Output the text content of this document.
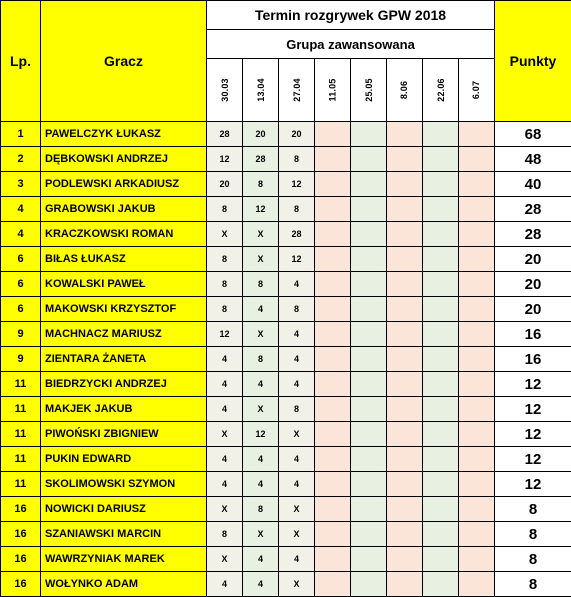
Lp.	Gracz	Termin rozgrywek GPW 2018								Punkty
		Grupa zawansowana								

		30.03	13.04	27.04	11.05	25.05	8.06	22.06	6.07	

1	PAWELCZYK ŁUKASZ	28	20	20						68
2	DĘBKOWSKI ANDRZEJ	12	28	8						48
3	PODLEWSKI ARKADIUSZ	20	8	12						40
4	GRABOWSKI JAKUB	8	12	8						28
4	KRACZKOWSKI ROMAN	X	X	28						28
6	BIŁAS ŁUKASZ	8	X	12						20
6	KOWALSKI PAWEŁ	8	8	4						20
6	MAKOWSKI KRZYSZTOF	8	4	8						20
9	MACHNACZ MARIUSZ	12	X	4						16
9	ZIENTARA ŻANETA	4	8	4						16
11	BIEDRZYCKI ANDRZEJ	4	4	4						12
11	MAKJEK JAKUB	4	X	8						12
11	PIWOŃSKI ZBIGNIEW	X	12	X						12
11	PUKIN EDWARD	4	4	4						12
11	SKOLIMOWSKI SZYMON	4	4	4						12
16	NOWICKI DARIUSZ	X	8	X						8
16	SZANIAWSKI MARCIN	8	X	X						8
16	WAWRZYNIAK MAREK	X	4	4						8
16	WOŁYNKO ADAM	4	4	X						8
